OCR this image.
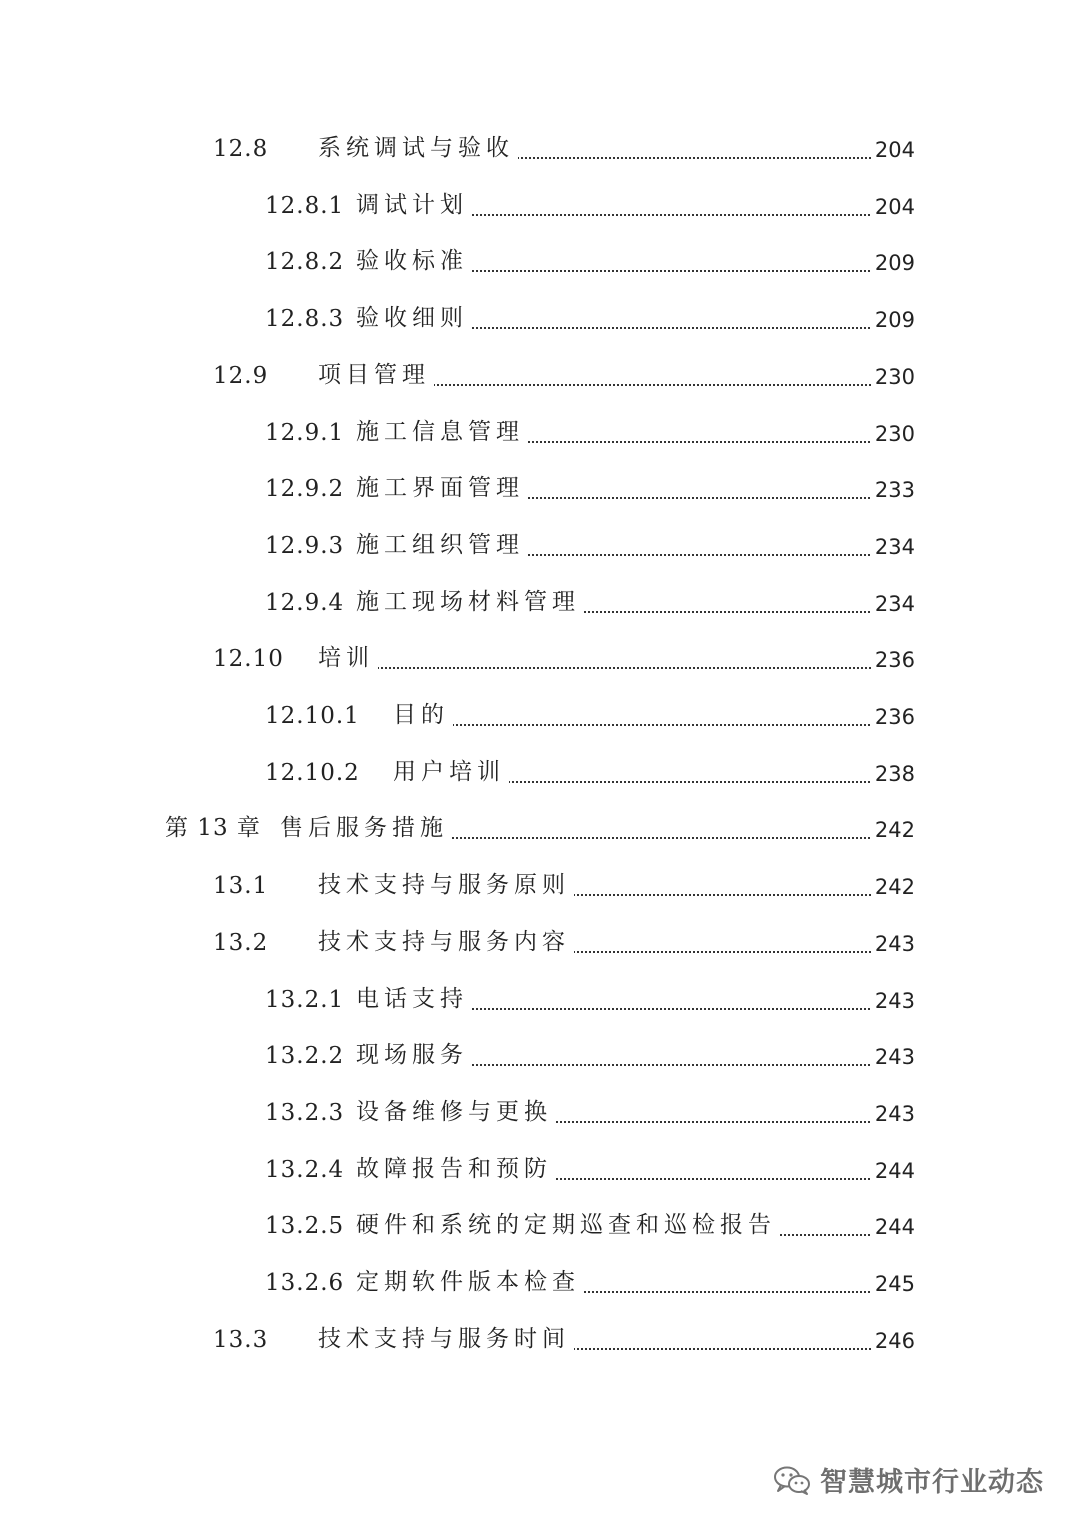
12.8 系统调试与验收	204
12.8.1 调试计划	204
12.8.2 验收标准	209
12.8.3 验收细则	209
12.9 项目管理	230
12.9.1 施工信息管理	230
12.9.2 施工界面管理	233
12.9.3 施工组织管理	234
12.9.4 施工现场材料管理	234
12.10 培训	236
12.10.1 目的	236
12.10.2 用户培训	238
第 13 章 售后服务措施	242
13.1 技术支持与服务原则	242
13.2 技术支持与服务内容	243
13.2.1 电话支持	243
13.2.2 现场服务	243
13.2.3 设备维修与更换	243
13.2.4 故障报告和预防	244
13.2.5 硬件和系统的定期巡查和巡检报告	244
13.2.6 定期软件版本检查	245
13.3 技术支持与服务时间	246
智慧城市行业动态
